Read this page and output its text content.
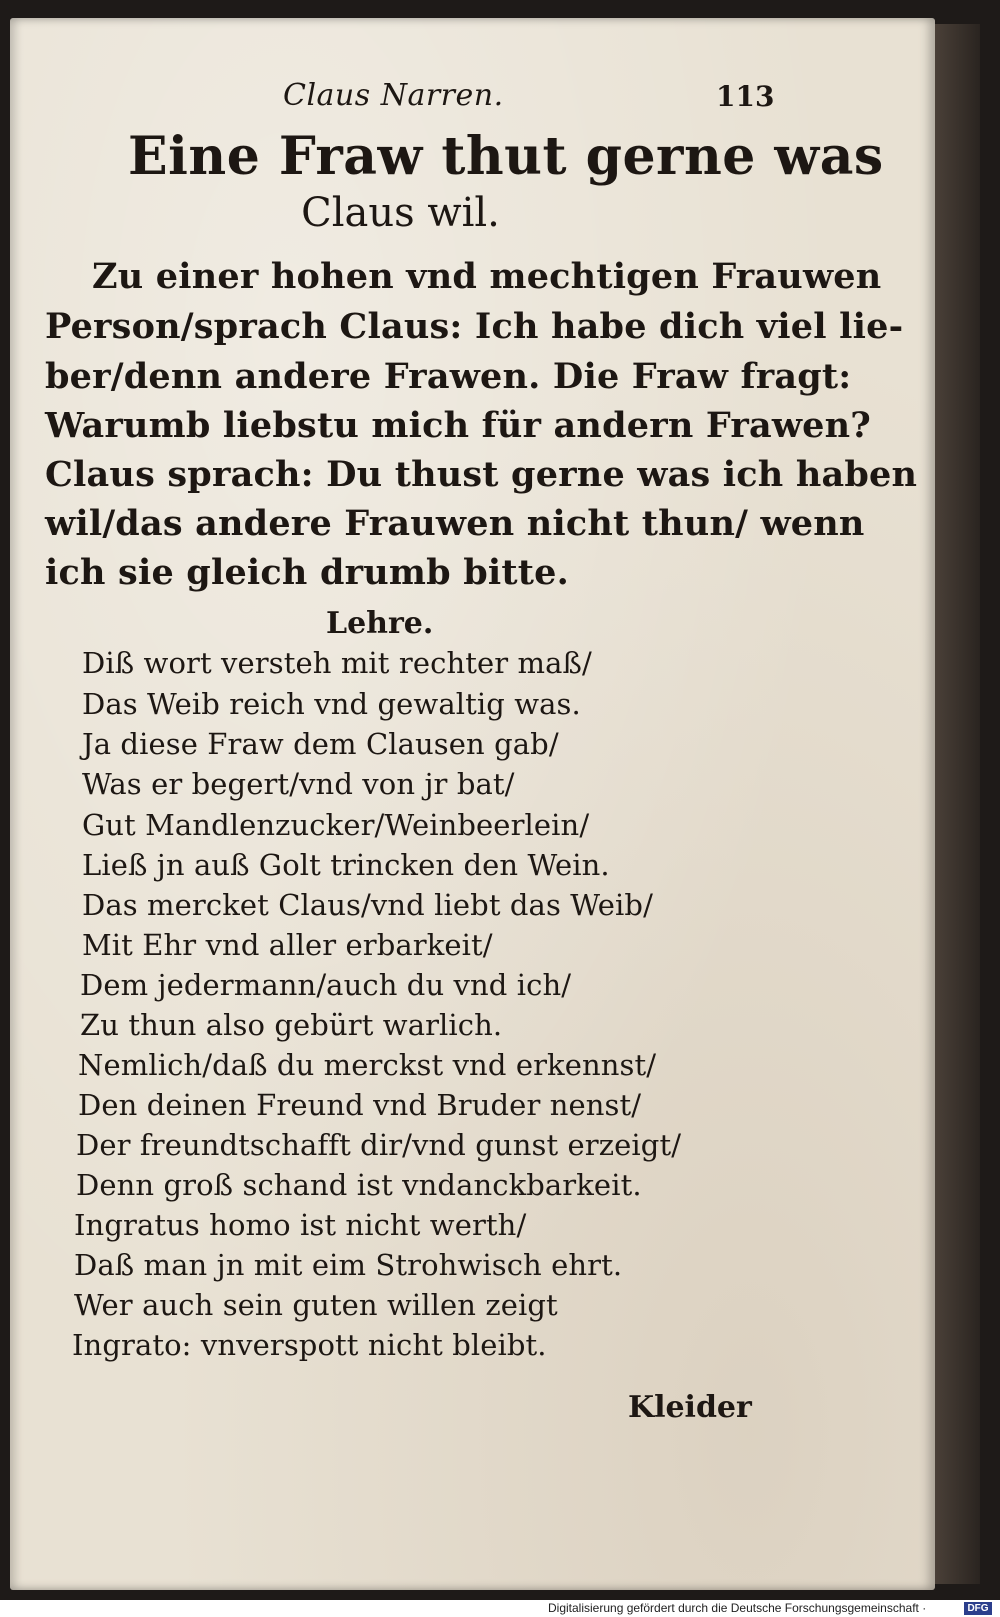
Claus Narren.	113
Eine Fraw thut gerne was
Claus wil.
Zu einer hohen vnd mechtigen Frauwen
Person/sprach Claus: Ich habe dich viel lie-
ber/denn andere Frawen. Die Fraw fragt:
Warumb liebstu mich für andern Frawen?
Claus sprach: Du thust gerne was ich haben
wil/das andere Frauwen nicht thun/ wenn
ich sie gleich drumb bitte.
Lehre.
Diß wort versteh mit rechter maß/
Das Weib reich vnd gewaltig was.
Ja diese Fraw dem Clausen gab/
Was er begert/vnd von jr bat/
Gut Mandlenzucker/Weinbeerlein/
Ließ jn auß Golt trincken den Wein.
Das mercket Claus/vnd liebt das Weib/
Mit Ehr vnd aller erbarkeit/
Dem jedermann/auch du vnd ich/
Zu thun also gebürt warlich.
Nemlich/daß du merckst vnd erkennst/
Den deinen Freund vnd Bruder nenst/
Der freundtschafft dir/vnd gunst erzeigt/
Denn groß schand ist vndanckbarkeit.
Ingratus homo ist nicht werth/
Daß man jn mit eim Strohwisch ehrt.
Wer auch sein guten willen zeigt
Ingrato: vnverspott nicht bleibt.
Kleider
Digitalisierung gefördert durch die Deutsche Forschungsgemeinschaft ·	DFG
